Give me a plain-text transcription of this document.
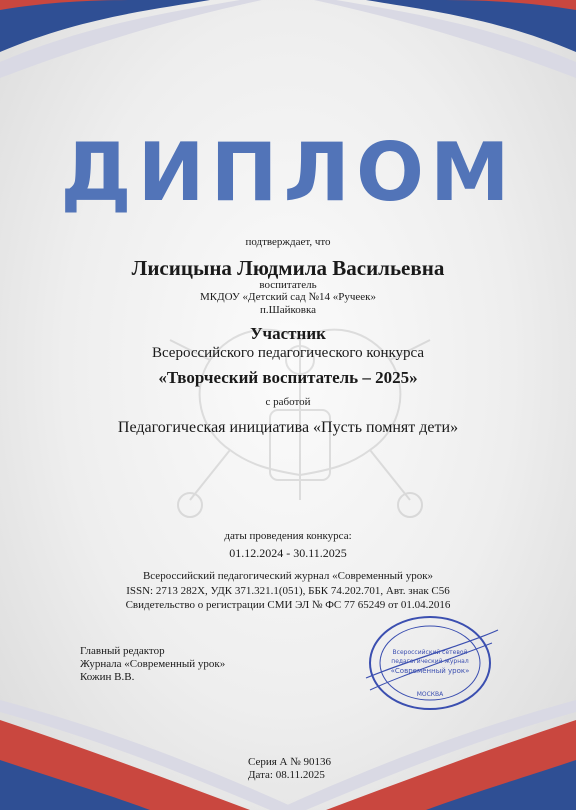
ДИПЛОМ
подтверждает, что
Лисицына Людмила Васильевна
воспитатель
МКДОУ «Детский сад №14 «Ручеек»
п.Шайковка
Участник
Всероссийского педагогического конкурса
«Творческий воспитатель – 2025»
с работой
Педагогическая инициатива «Пусть помнят дети»
даты проведения конкурса:
01.12.2024 - 30.11.2025
Всероссийский педагогический журнал «Современный урок»
ISSN: 2713 282X, УДК 371.321.1(051), ББК 74.202.701, Авт. знак С56
Свидетельство о регистрации СМИ ЭЛ № ФС 77 65249 от 01.04.2016
Главный редактор
Журнала «Современный урок»
Кожин В.В.
Всероссийский сетевой
педагогический журнал
«Современный урок»
МОСКВА
Серия А № 90136
Дата: 08.11.2025
